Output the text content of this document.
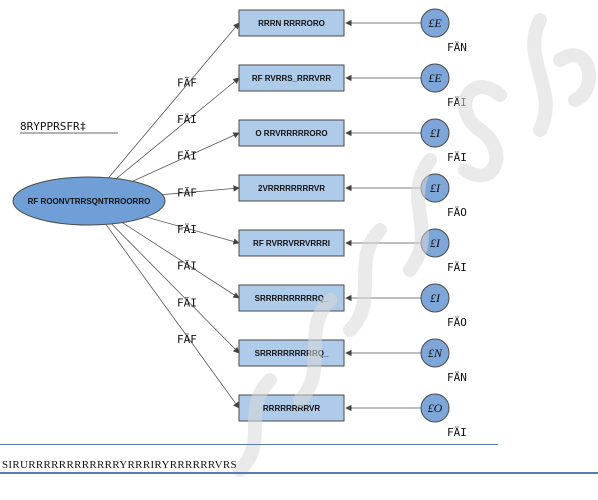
FÄF
FÄI
FÄI
FÄF
FÄI
FÄI
FÄI
FÄF
RRRN RRRRORO
RF RVRRS_RRRVRR
O RRVRRRRRORO
2VRRRRRRRRVR
RF RVRRVRRVRRRI
SRRRRRRRRRRQ_
SRRRRRRRRRRQ_
RRRRRRRRVR
£E
FÄN
£E
FÄI
£I
FÄI
£I
FÄO
£I
FÄI
£I
FÄO
£N
FÄN
£O
FÄI
RF ROONVTRRSQNTRROORRO
8RYPPRSFR‡
SIRURRRRRRRRRRRRYRRRIRYRRRRRRVRS
